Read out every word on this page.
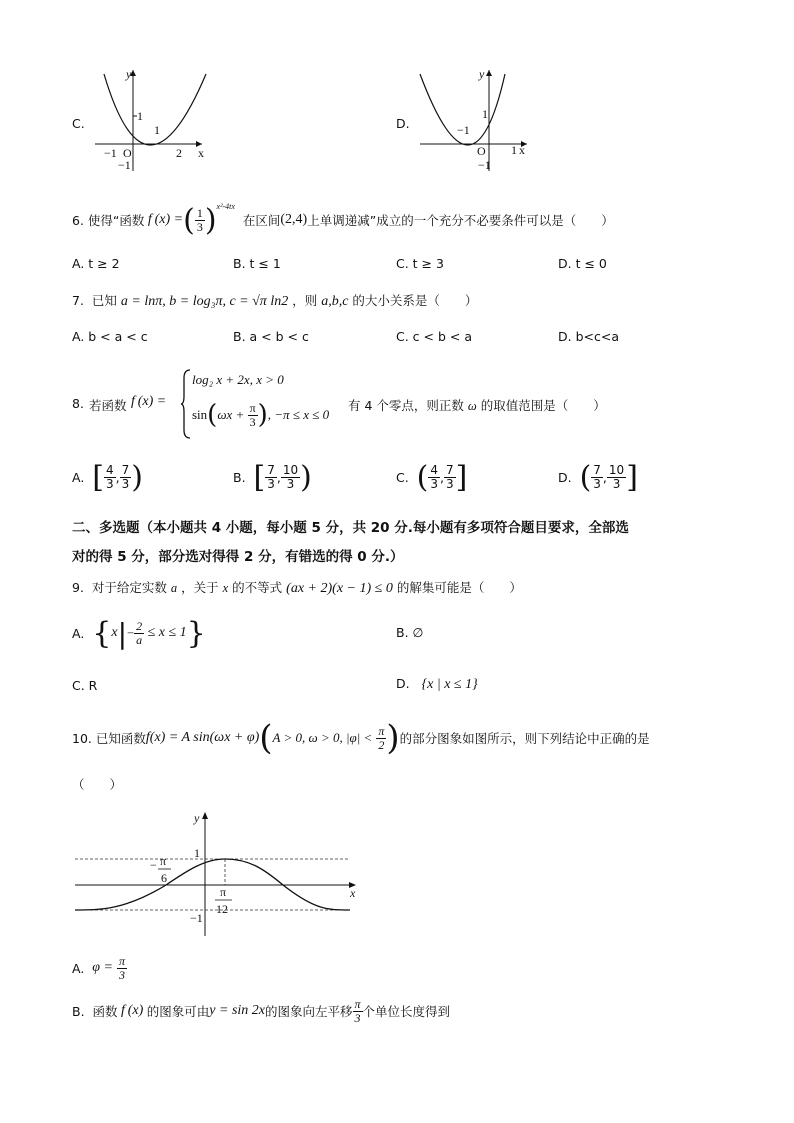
C.
y
x
O
1
−1
−1
1
2
D.
y
x
O
1
−1
−1
1
6.
使得“函数 f (x) = ( $\frac{1}{3}$ ) x²-4tx

在区间 (2,4) 上单调递减”成立的一个充分不必要条件可以是（　　）
A. t ≥ 2	B. t ≤ 1	C. t ≥ 3	D. t ≤ 0
7. 已知 a = lnπ, b = log₃π, c = √π ln2 ，则 a,b,c 的大小关系是（　　）
A. b < a < c	B. a < b < c	C. c < b < a	D. b<c<a
8. 若函数 f (x) =
log₂ x + 2x, x > 0
sin ( ωx +
$\frac{\pi}{3}$ ) , −π ≤ x ≤ 0
有 4 个零点，则正数 ω 的取值范围是（　　）
A.
[ $\frac{4}{3}$ , $\frac{7}{3}$ )	B.
[ $\frac{7}{3}$ , $\frac{10}{3}$ )	C.
( $\frac{4}{3}$ , $\frac{7}{3}$ ]	D.
( $\frac{7}{3}$ , $\frac{10}{3}$ ]
二、多选题（本小题共 4 小题，每小题 5 分，共 20 分.每小题有多项符合题目要求，全部选
对的得 5 分，部分选对得得 2 分，有错选的得 0 分.）
9. 对于给定实数 a ，关于 x 的不等式 (ax + 2)(x − 1) ≤ 0 的解集可能是（　　）
A.
{ x | − $\frac{2}{a} \le x \le 1$ }	B. ∅
C. R	D. {x | x ≤ 1}
10.
已知函数 f(x) = A sin(ωx + φ) ( A > 0, ω > 0, |φ| <
$\frac{\pi}{2}$ ) 的部分图象如图所示，则下列结论中正确的是
（　　）
y
x
1
−1
− π
6
π
12
A.
φ =
$\frac{\pi}{3}$
B.
函数 f (x) 的图象可由 y = sin 2x 的图象向左平移 $\frac{\pi}{3}$ 个单位长度得到
